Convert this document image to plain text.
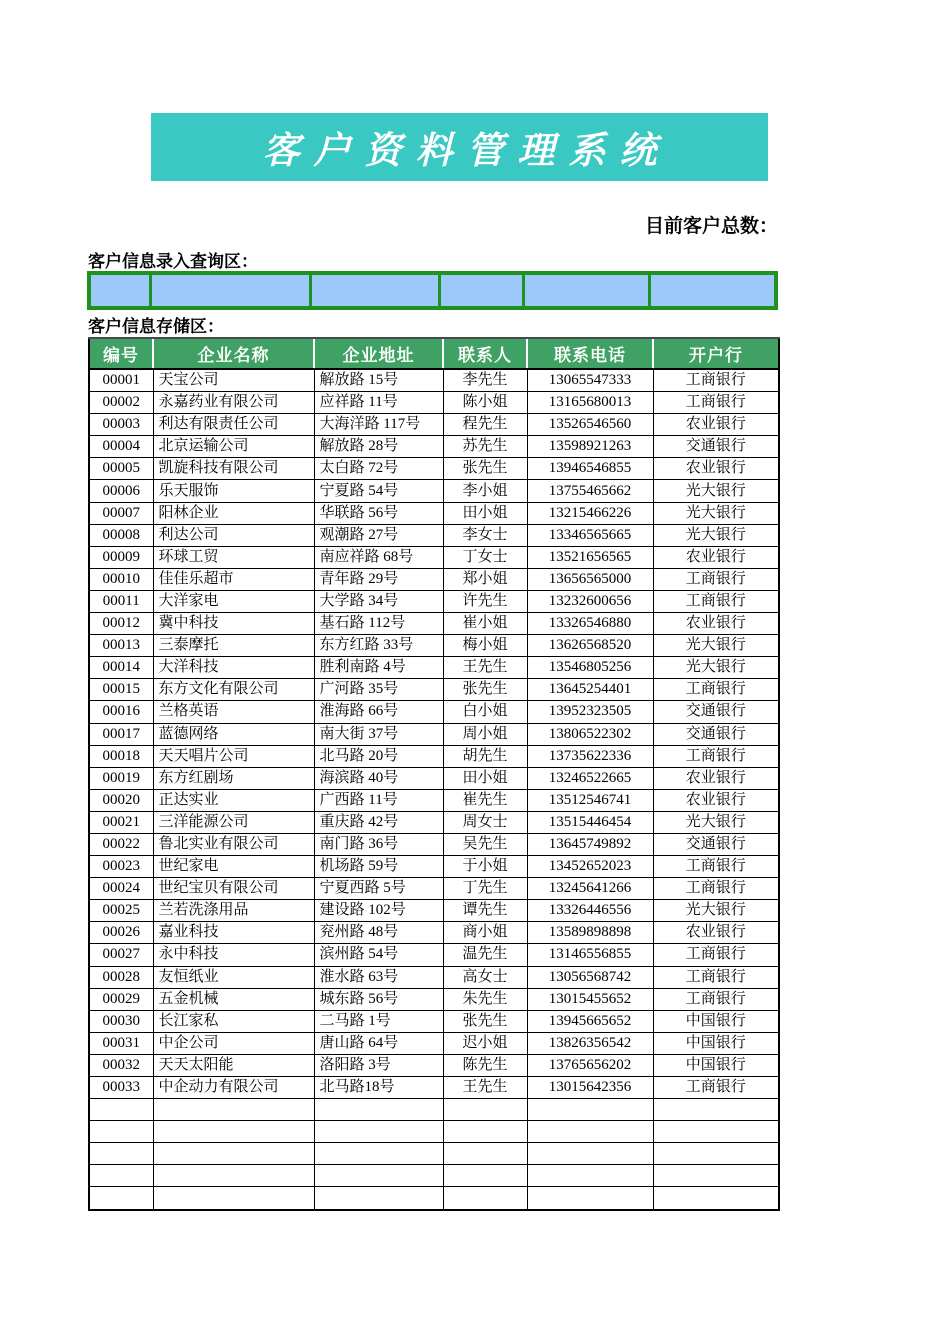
客户资料管理系统
目前客户总数：
客户信息录入查询区：
客户信息存储区：
编号	企业名称	企业地址	联系人	联系电话	开户行
00001	天宝公司	解放路 15号	李先生	13065547333	工商银行
00002	永嘉药业有限公司	应祥路 11号	陈小姐	13165680013	工商银行
00003	利达有限责任公司	大海洋路 117号	程先生	13526546560	农业银行
00004	北京运输公司	解放路 28号	苏先生	13598921263	交通银行
00005	凯旋科技有限公司	太白路 72号	张先生	13946546855	农业银行
00006	乐天服饰	宁夏路 54号	李小姐	13755465662	光大银行
00007	阳林企业	华联路 56号	田小姐	13215466226	光大银行
00008	利达公司	观潮路 27号	李女士	13346565665	光大银行
00009	环球工贸	南应祥路 68号	丁女士	13521656565	农业银行
00010	佳佳乐超市	青年路 29号	郑小姐	13656565000	工商银行
00011	大洋家电	大学路 34号	许先生	13232600656	工商银行
00012	冀中科技	基石路 112号	崔小姐	13326546880	农业银行
00013	三泰摩托	东方红路 33号	梅小姐	13626568520	光大银行
00014	大洋科技	胜利南路 4号	王先生	13546805256	光大银行
00015	东方文化有限公司	广河路 35号	张先生	13645254401	工商银行
00016	兰格英语	淮海路 66号	白小姐	13952323505	交通银行
00017	蓝德网络	南大街 37号	周小姐	13806522302	交通银行
00018	天天唱片公司	北马路 20号	胡先生	13735622336	工商银行
00019	东方红剧场	海滨路 40号	田小姐	13246522665	农业银行
00020	正达实业	广西路 11号	崔先生	13512546741	农业银行
00021	三洋能源公司	重庆路 42号	周女士	13515446454	光大银行
00022	鲁北实业有限公司	南门路 36号	吴先生	13645749892	交通银行
00023	世纪家电	机场路 59号	于小姐	13452652023	工商银行
00024	世纪宝贝有限公司	宁夏西路 5号	丁先生	13245641266	工商银行
00025	兰若洗涤用品	建设路 102号	谭先生	13326446556	光大银行
00026	嘉业科技	兖州路 48号	商小姐	13589898898	农业银行
00027	永中科技	滨州路 54号	温先生	13146556855	工商银行
00028	友恒纸业	淮水路 63号	高女士	13056568742	工商银行
00029	五金机械	城东路 56号	朱先生	13015455652	工商银行
00030	长江家私	二马路 1号	张先生	13945665652	中国银行
00031	中企公司	唐山路 64号	迟小姐	13826356542	中国银行
00032	天天太阳能	洛阳路 3号	陈先生	13765656202	中国银行
00033	中企动力有限公司	北马路18号	王先生	13015642356	工商银行
